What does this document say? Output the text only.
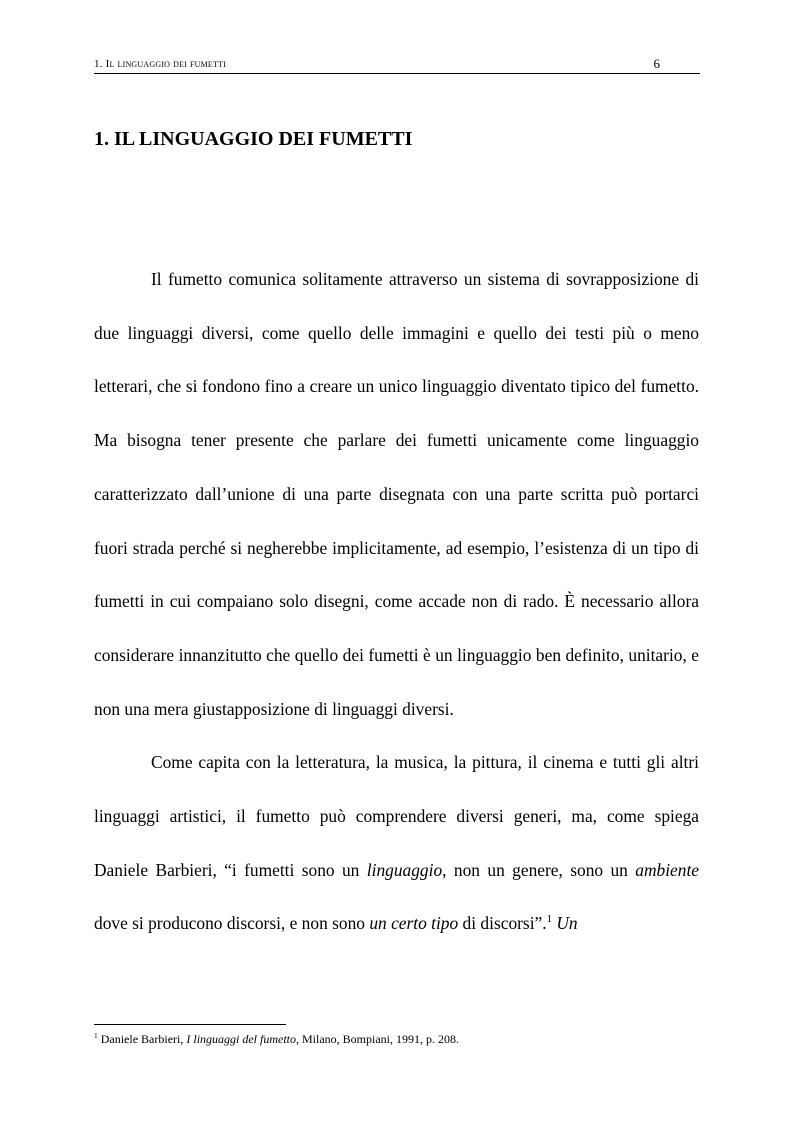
1. Il linguaggio dei fumetti	6
1. IL LINGUAGGIO DEI FUMETTI

Il fumetto comunica solitamente attraverso un sistema di sovrapposizione di due linguaggi diversi, come quello delle immagini e quello dei testi più o meno letterari, che si fondono fino a creare un unico linguaggio diventato tipico del fumetto. Ma bisogna tener presente che parlare dei fumetti unicamente come linguaggio caratterizzato dall’unione di una parte disegnata con una parte scritta può portarci fuori strada perché si negherebbe implicitamente, ad esempio, l’esistenza di un tipo di fumetti in cui compaiano solo disegni, come accade non di rado. È necessario allora considerare innanzitutto che quello dei fumetti è un linguaggio ben definito, unitario, e non una mera giustapposizione di linguaggi diversi.

Come capita con la letteratura, la musica, la pittura, il cinema e tutti gli altri linguaggi artistici, il fumetto può comprendere diversi generi, ma, come spiega Daniele Barbieri, “i fumetti sono un linguaggio, non un genere, sono un ambiente dove si producono discorsi, e non sono un certo tipo di discorsi”.$^1$ Un

$^1$ Daniele Barbieri, I linguaggi del fumetto, Milano, Bompiani, 1991, p. 208.
